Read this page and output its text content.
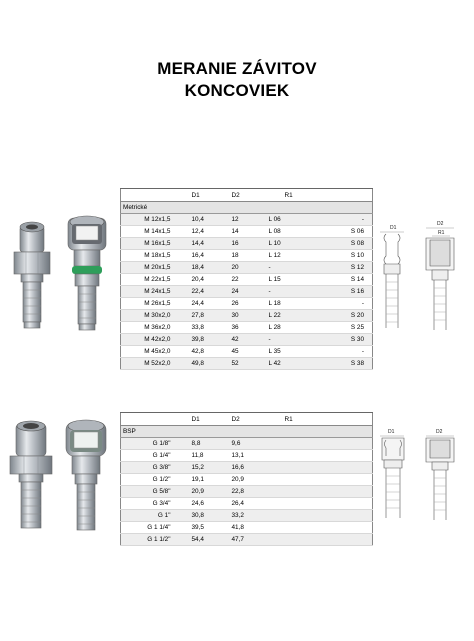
MERANIE ZÁVITOV
KONCOVIEK
	D1	D2	R1	
Metrické				
M 12x1,5	10,4	12	L 06	-
M 14x1,5	12,4	14	L 08	S 06
M 16x1,5	14,4	16	L 10	S 08
M 18x1,5	16,4	18	L 12	S 10
M 20x1,5	18,4	20	-	S 12
M 22x1,5	20,4	22	L 15	S 14
M 24x1,5	22,4	24	-	S 16
M 26x1,5	24,4	26	L 18	-
M 30x2,0	27,8	30	L 22	S 20
M 36x2,0	33,8	36	L 28	S 25
M 42x2,0	39,8	42	-	S 30
M 45x2,0	42,8	45	L 35	-
M 52x2,0	49,8	52	L 42	S 38
D1
D2
R1
	D1	D2	R1	
BSP				
G 1/8"	8,8	9,6		
G 1/4"	11,8	13,1		
G 3/8"	15,2	16,6		
G 1/2"	19,1	20,9		
G 5/8"	20,9	22,8		
G 3/4"	24,6	26,4		
G 1"	30,8	33,2		
G 1 1/4"	39,5	41,8		
G 1 1/2"	54,4	47,7		
D1	D2
